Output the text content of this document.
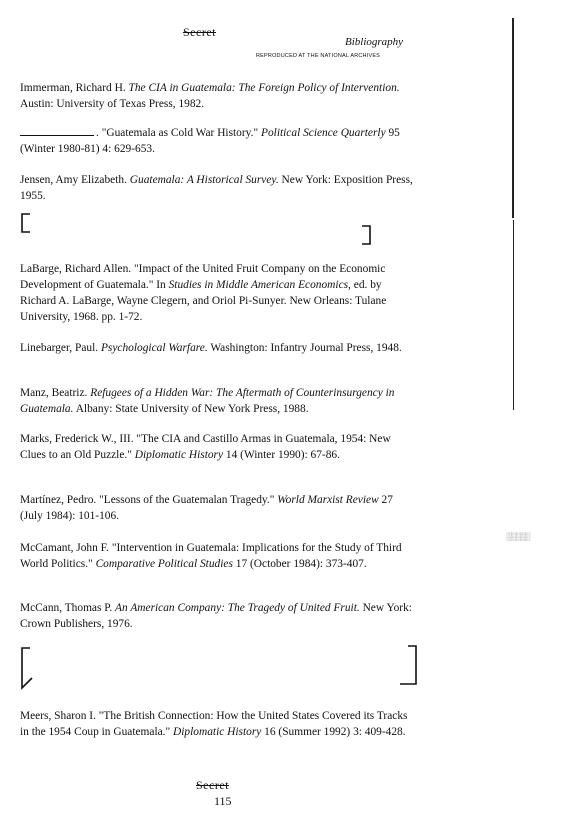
Secret
Bibliography
REPRODUCED AT THE NATIONAL ARCHIVES
░░░░░
Immerman, Richard H. The CIA in Guatemala: The Foreign Policy of Intervention. Austin: University of Texas Press, 1982.
. "Guatemala as Cold War History." Political Science Quarterly 95 (Winter 1980-81) 4: 629-653.
Jensen, Amy Elizabeth. Guatemala: A Historical Survey. New York: Exposition Press, 1955.
LaBarge, Richard Allen. "Impact of the United Fruit Company on the Economic Development of Guatemala." In Studies in Middle American Economics, ed. by Richard A. LaBarge, Wayne Clegern, and Oriol Pi-Sunyer. New Orleans: Tulane University, 1968. pp. 1-72.
Linebarger, Paul. Psychological Warfare. Washington: Infantry Journal Press, 1948.
Manz, Beatriz. Refugees of a Hidden War: The Aftermath of Counterinsurgency in Guatemala. Albany: State University of New York Press, 1988.
Marks, Frederick W., III. "The CIA and Castillo Armas in Guatemala, 1954: New Clues to an Old Puzzle." Diplomatic History 14 (Winter 1990): 67-86.
Martínez, Pedro. "Lessons of the Guatemalan Tragedy." World Marxist Review 27 (July 1984): 101-106.
McCamant, John F. "Intervention in Guatemala: Implications for the Study of Third World Politics." Comparative Political Studies 17 (October 1984): 373-407.
McCann, Thomas P. An American Company: The Tragedy of United Fruit. New York: Crown Publishers, 1976.
Meers, Sharon I. "The British Connection: How the United States Covered its Tracks in the 1954 Coup in Guatemala." Diplomatic History 16 (Summer 1992) 3: 409-428.
Secret
115
